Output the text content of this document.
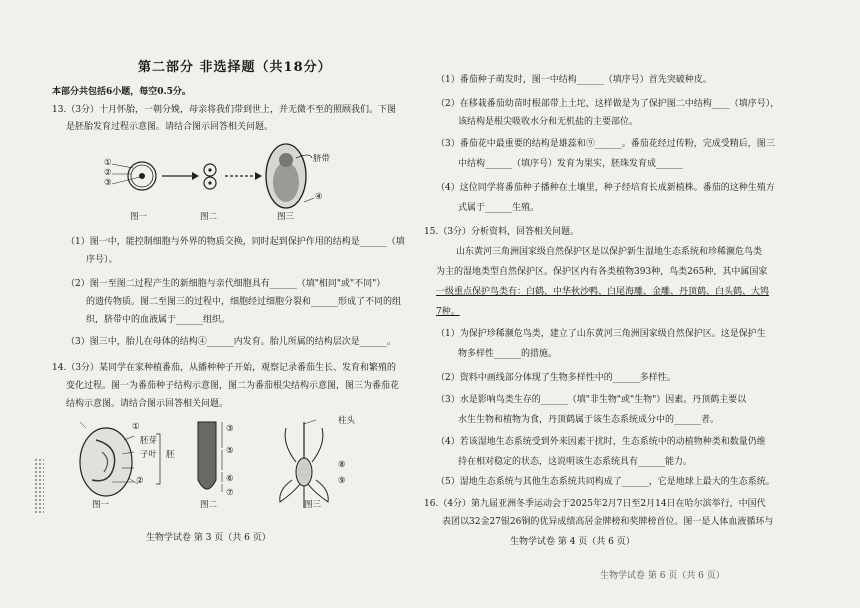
第二部分 非选择题（共18分）
本部分共包括6小题，每空0.5分。
13.（3分）十月怀胎，一朝分娩，母亲将我们带到世上，并无微不至的照顾我们。下图
是胚胎发育过程示意图。请结合图示回答相关问题。
①
②
③
脐带
④
图一	图二	图三
（1）图一中，能控制细胞与外界的物质交换，同时起到保护作用的结构是______（填
序号）。
（2）图一至图二过程产生的新细胞与亲代细胞具有______（填"相同"或"不同"）
的遗传物质。图二至图三的过程中，细胞经过细胞分裂和______形成了不同的组
织，脐带中的血液属于______组织。
（3）图三中，胎儿在母体的结构④______内发育。胎儿所属的结构层次是______。
14.（3分）某同学在家种植番茄，从播种种子开始，观察记录番茄生长、发育和繁殖的
变化过程。图一为番茄种子结构示意图，图二为番茄根尖结构示意图，图三为番茄花
结构示意图。请结合图示回答相关问题。
①
胚芽
子叶
②
胚
③
⑤
⑥
⑦
柱头
⑧
⑨
图一	图二	图三
生物学试卷 第 3 页（共 6 页）
（1）番茄种子萌发时，图一中结构______（填序号）首先突破种皮。
（2）在移栽番茄幼苗时根部带上土坨，这样做是为了保护图二中结构____（填序号），
该结构是根尖吸收水分和无机盐的主要部位。
（3）番茄花中最重要的结构是雄蕊和⑨______。番茄花经过传粉，完成受精后，图三
中结构______（填序号）发育为果实，胚珠发育成______
（4）这位同学将番茄种子播种在土壤里，种子经培育长成新植株。番茄的这种生殖方
式属于______生殖。
15.（3分）分析资料，回答相关问题。
山东黄河三角洲国家级自然保护区是以保护新生湿地生态系统和珍稀濒危鸟类
为主的湿地类型自然保护区。保护区内有各类植物393种，鸟类265种，其中属国家
一级重点保护鸟类有：白鹤、中华秋沙鸭、白尾海雕、金雕、丹顶鹤、白头鹤、大鸨
7种。
（1）为保护珍稀濒危鸟类，建立了山东黄河三角洲国家级自然保护区。这是保护生
物多样性______的措施。
（2）资料中画线部分体现了生物多样性中的______多样性。
（3）水是影响鸟类生存的______（填"非生物"或"生物"）因素。丹顶鹤主要以
水生生物和植物为食，丹顶鹤属于该生态系统成分中的______者。
（4）若该湿地生态系统受到外来因素干扰时，生态系统中的动植物种类和数量仍维
持在相对稳定的状态，这说明该生态系统具有______能力。
（5）湿地生态系统与其他生态系统共同构成了______，它是地球上最大的生态系统。
16.（4分）第九届亚洲冬季运动会于2025年2月7日至2月14日在哈尔滨举行，中国代
表团以32金27银26铜的优异成绩高居金牌榜和奖牌榜首位。图一是人体血液循环与
生物学试卷 第 4 页（共 6 页）
生物学试卷 第 6 页（共 6 页）
